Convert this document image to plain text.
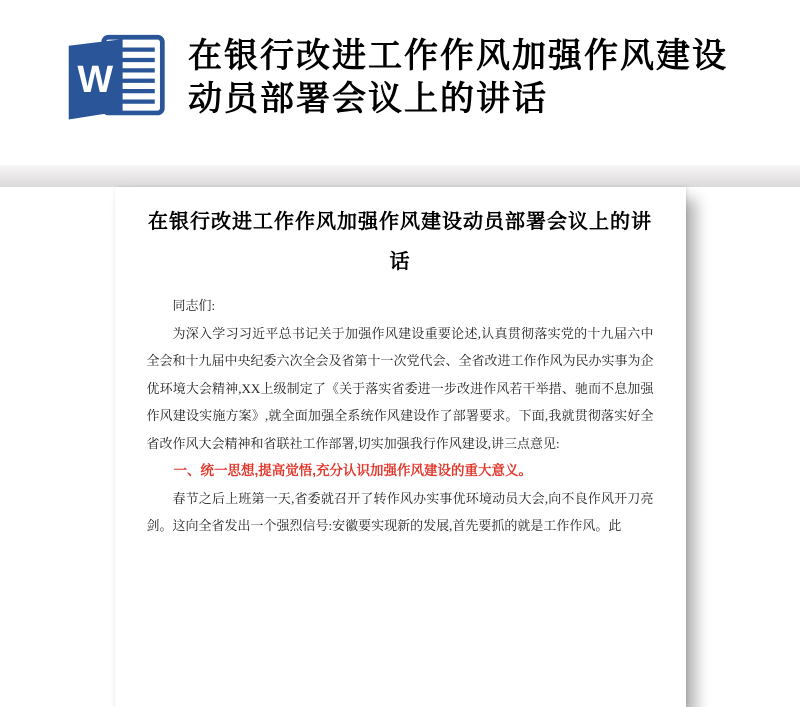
W
在银行改进工作作风加强作风建设动员部署会议上的讲话
在银行改进工作作风加强作风建设动员部署会议上的讲话

同志们:

为深入学习习近平总书记关于加强作风建设重要论述,认真贯彻落实党的十九届六中全会和十九届中央纪委六次全会及省第十一次党代会、全省改进工作作风为民办实事为企优环境大会精神,XX上级制定了《关于落实省委进一步改进作风若干举措、驰而不息加强作风建设实施方案》,就全面加强全系统作风建设作了部署要求。下面,我就贯彻落实好全省改作风大会精神和省联社工作部署,切实加强我行作风建设,讲三点意见:

一、统一思想,提高觉悟,充分认识加强作风建设的重大意义。

春节之后上班第一天,省委就召开了转作风办实事优环境动员大会,向不良作风开刀亮剑。这向全省发出一个强烈信号:安徽要实现新的发展,首先要抓的就是工作作风。此
